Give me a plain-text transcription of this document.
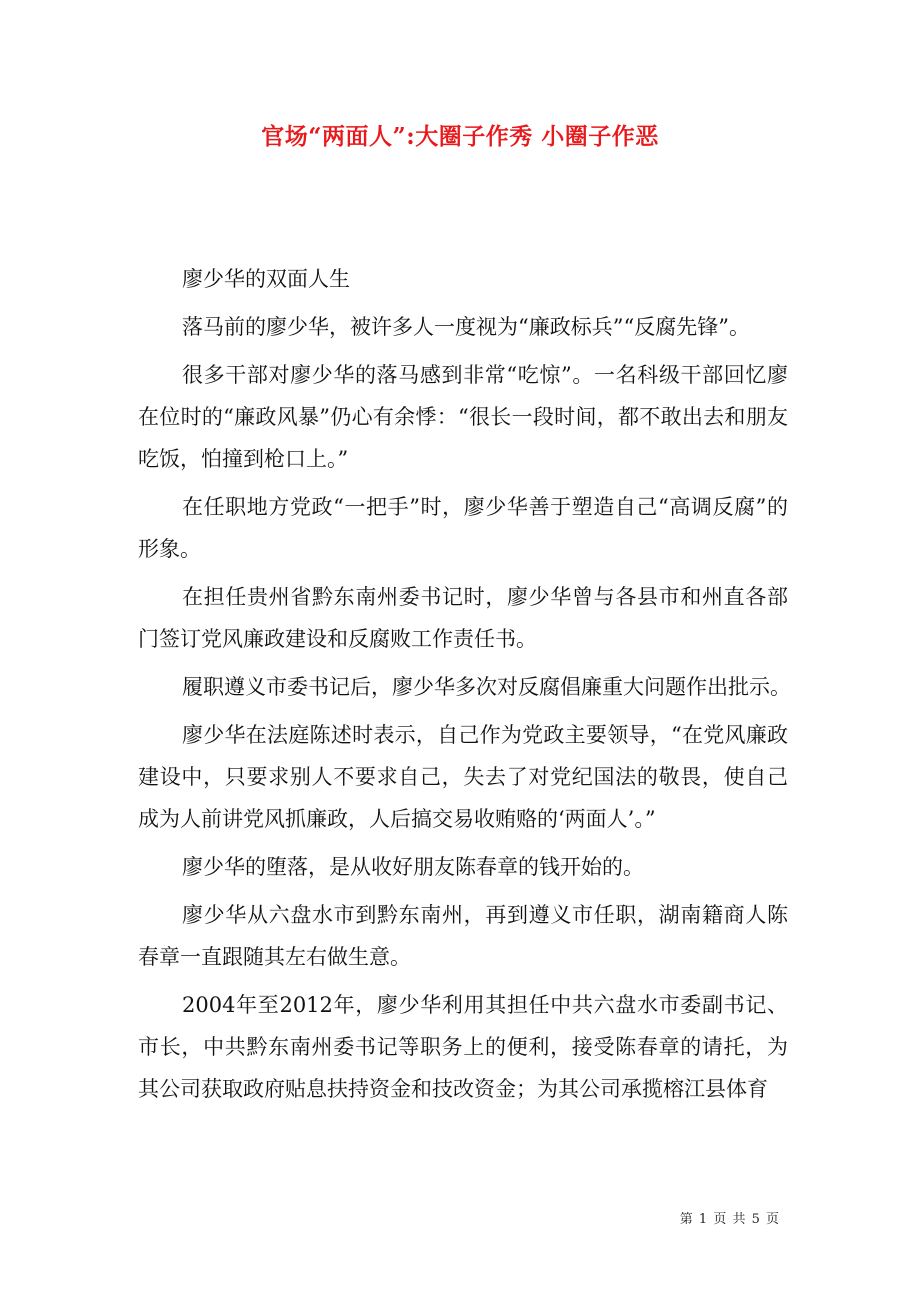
官场“两面人”:大圈子作秀 小圈子作恶

廖少华的双面人生

落马前的廖少华，被许多人一度视为“廉政标兵”“反腐先锋”。

很多干部对廖少华的落马感到非常“吃惊”。一名科级干部回忆廖在位时的“廉政风暴”仍心有余悸：“很长一段时间，都不敢出去和朋友吃饭，怕撞到枪口上。”

在任职地方党政“一把手”时，廖少华善于塑造自己“高调反腐”的形象。

在担任贵州省黔东南州委书记时，廖少华曾与各县市和州直各部门签订党风廉政建设和反腐败工作责任书。

履职遵义市委书记后，廖少华多次对反腐倡廉重大问题作出批示。

廖少华在法庭陈述时表示，自己作为党政主要领导，“在党风廉政建设中，只要求别人不要求自己，失去了对党纪国法的敬畏，使自己成为人前讲党风抓廉政，人后搞交易收贿赂的‘两面人’。”

廖少华的堕落，是从收好朋友陈春章的钱开始的。

廖少华从六盘水市到黔东南州，再到遵义市任职，湖南籍商人陈春章一直跟随其左右做生意。

2004年至2012年，廖少华利用其担任中共六盘水市委副书记、市长，中共黔东南州委书记等职务上的便利，接受陈春章的请托，为其公司获取政府贴息扶持资金和技改资金；为其公司承揽榕江县体育

第 1 页 共 5 页
